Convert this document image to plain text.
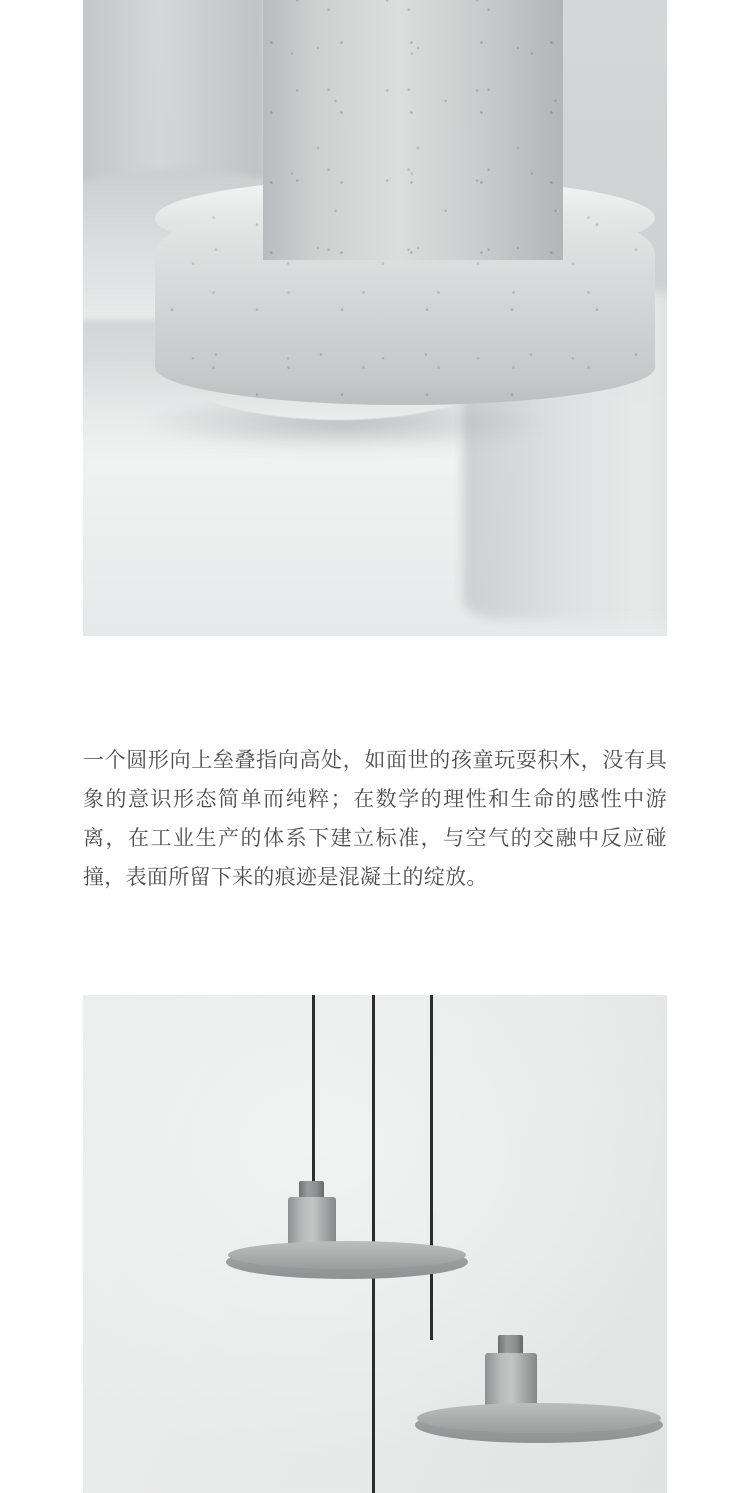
一个圆形向上垒叠指向高处，如面世的孩童玩耍积木，没有具象的意识形态简单而纯粹；在数学的理性和生命的感性中游离，在工业生产的体系下建立标准，与空气的交融中反应碰撞，表面所留下来的痕迹是混凝土的绽放。
